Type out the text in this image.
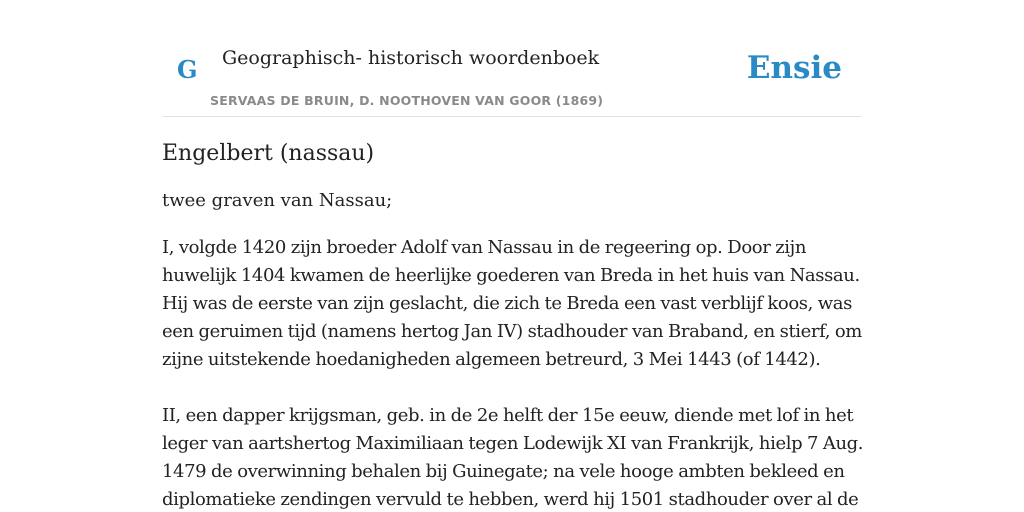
G Geographisch- historisch woordenboek
SERVAAS DE BRUIN, D. NOOTHOVEN VAN GOOR (1869)
Ensie
Engelbert (nassau)

twee graven van Nassau;

I, volgde 1420 zijn broeder Adolf van Nassau in de regeering op. Door zijn huwelijk 1404 kwamen de heerlijke goederen van Breda in het huis van Nassau. Hij was de eerste van zijn geslacht, die zich te Breda een vast verblijf koos, was een geruimen tijd (namens hertog Jan IV) stadhouder van Braband, en stierf, om zijne uitstekende hoedanigheden algemeen betreurd, 3 Mei 1443 (of 1442).

II, een dapper krijgsman, geb. in de 2e helft der 15e eeuw, diende met lof in het leger van aartshertog Maximiliaan tegen Lodewijk XI van Frankrijk, hielp 7 Aug. 1479 de overwinning behalen bij Guinegate; na vele hooge ambten bekleed en diplomatieke zendingen vervuld te hebben, werd hij 1501 stadhouder over al de
